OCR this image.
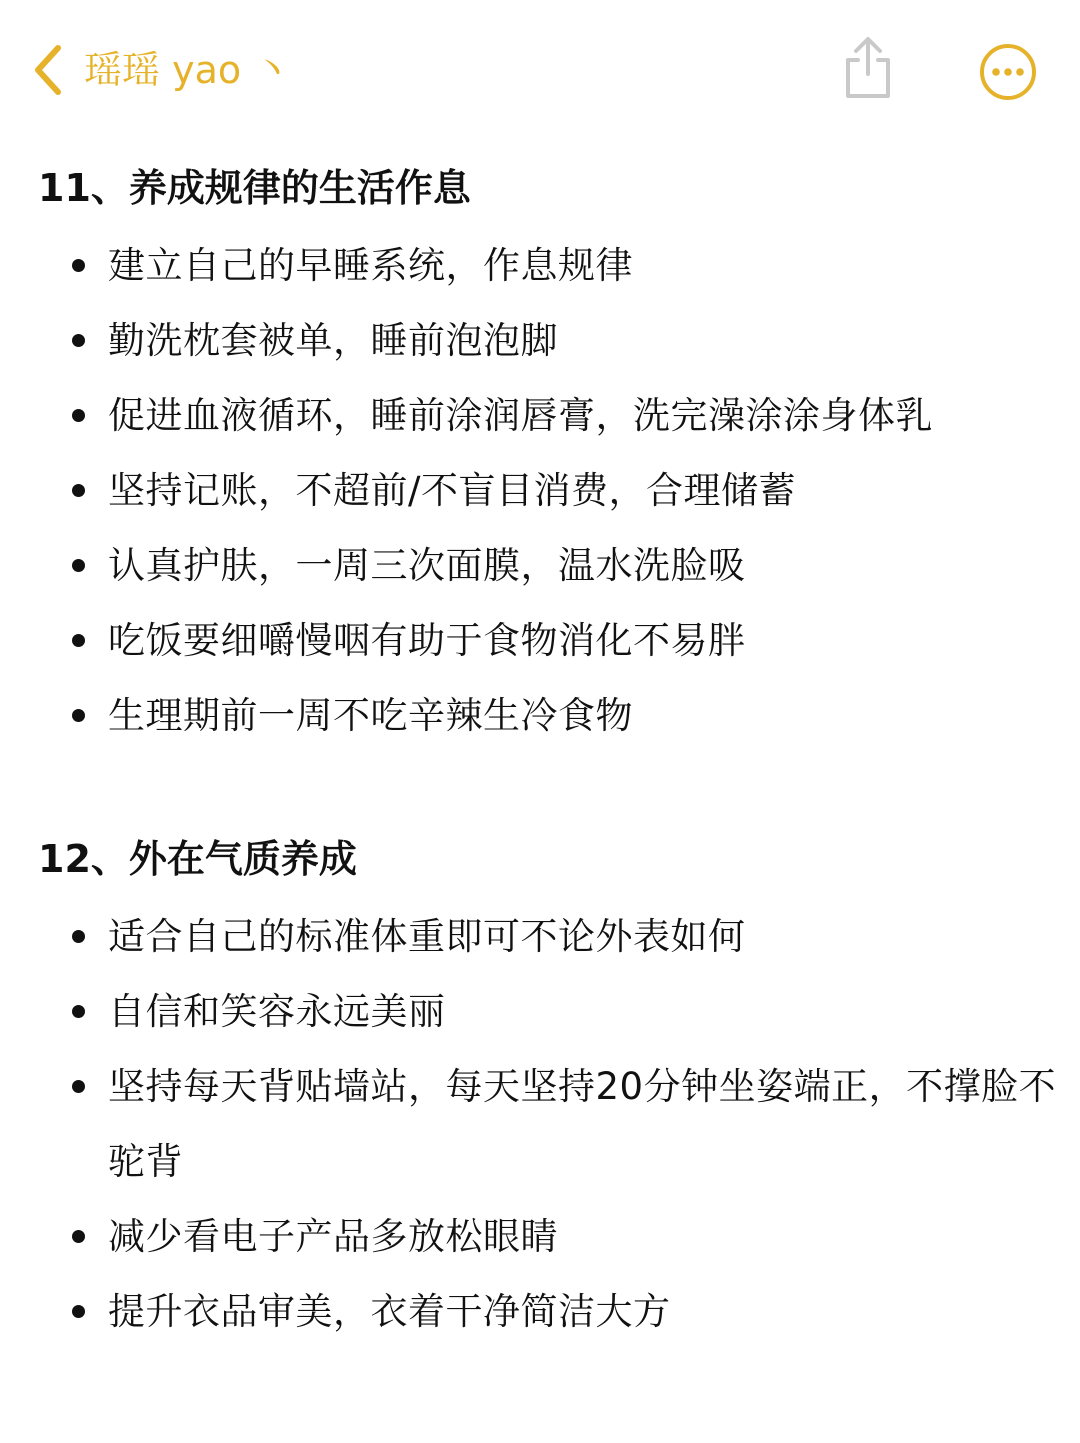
瑶瑶 yao 丶
11、养成规律的生活作息
建立自己的早睡系统，作息规律
勤洗枕套被单，睡前泡泡脚
促进血液循环，睡前涂润唇膏，洗完澡涂涂身体乳
坚持记账，不超前/不盲目消费，合理储蓄
认真护肤，一周三次面膜，温水洗脸吸
吃饭要细嚼慢咽有助于食物消化不易胖
生理期前一周不吃辛辣生冷食物
12、外在气质养成
适合自己的标准体重即可不论外表如何
自信和笑容永远美丽
坚持每天背贴墙站，每天坚持20分钟坐姿端正，不撑脸不驼背
减少看电子产品多放松眼睛
提升衣品审美，衣着干净简洁大方
